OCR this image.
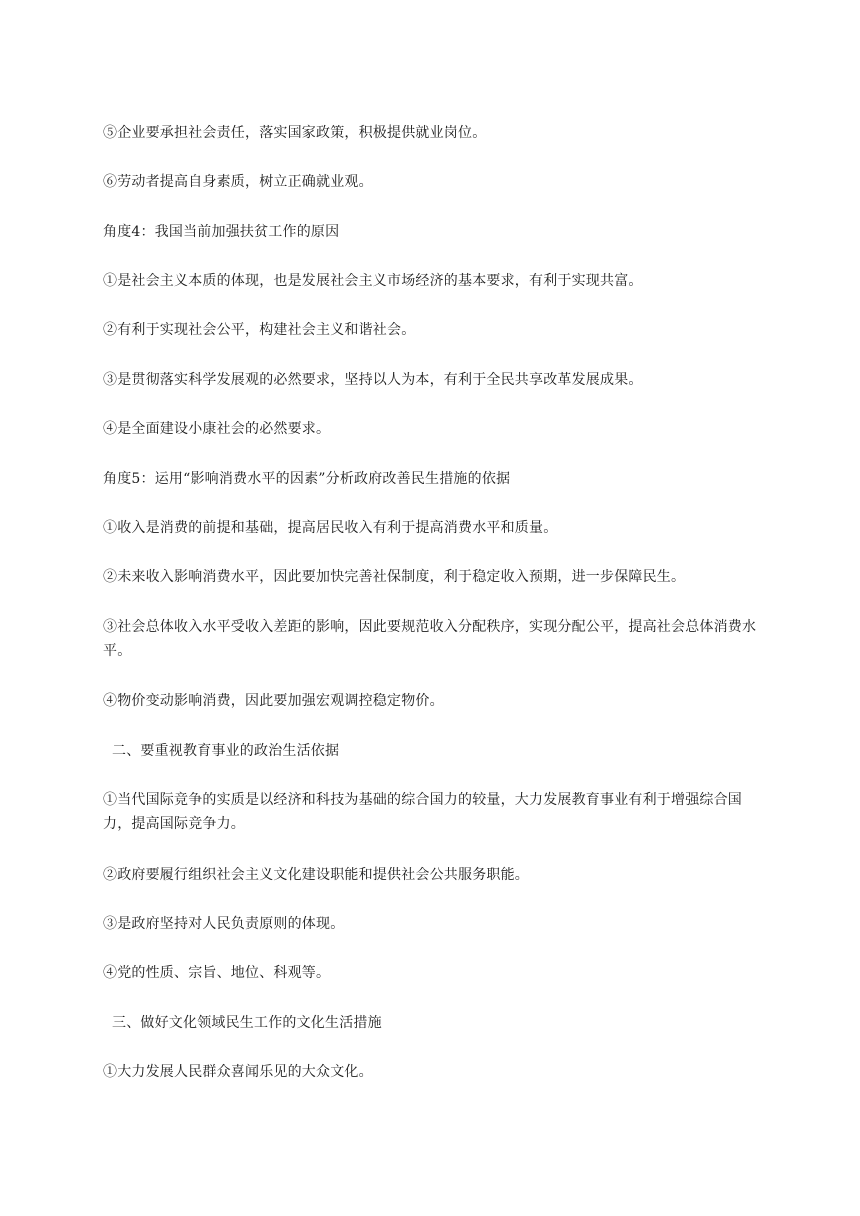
⑤企业要承担社会责任，落实国家政策，积极提供就业岗位。
⑥劳动者提高自身素质，树立正确就业观。
角度4：我国当前加强扶贫工作的原因
①是社会主义本质的体现，也是发展社会主义市场经济的基本要求，有利于实现共富。
②有利于实现社会公平，构建社会主义和谐社会。
③是贯彻落实科学发展观的必然要求，坚持以人为本，有利于全民共享改革发展成果。
④是全面建设小康社会的必然要求。
角度5：运用“影响消费水平的因素”分析政府改善民生措施的依据
①收入是消费的前提和基础，提高居民收入有利于提高消费水平和质量。
②未来收入影响消费水平，因此要加快完善社保制度，利于稳定收入预期，进一步保障民生。
③社会总体收入水平受收入差距的影响，因此要规范收入分配秩序，实现分配公平，提高社会总体消费水平。
④物价变动影响消费，因此要加强宏观调控稳定物价。
二、要重视教育事业的政治生活依据
①当代国际竞争的实质是以经济和科技为基础的综合国力的较量，大力发展教育事业有利于增强综合国力，提高国际竞争力。
②政府要履行组织社会主义文化建设职能和提供社会公共服务职能。
③是政府坚持对人民负责原则的体现。
④党的性质、宗旨、地位、科观等。
三、做好文化领域民生工作的文化生活措施
①大力发展人民群众喜闻乐见的大众文化。
